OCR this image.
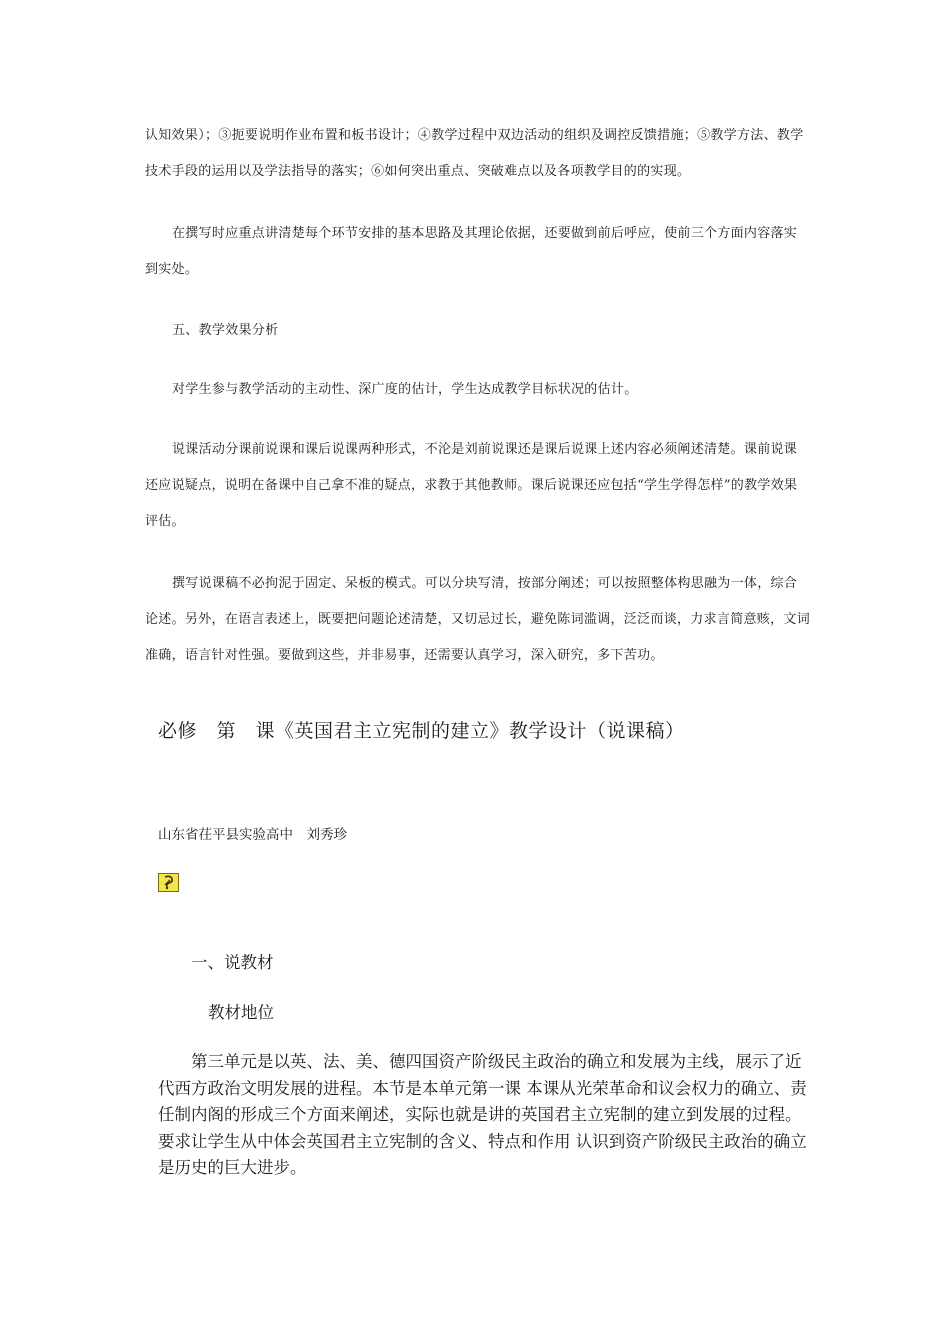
认知效果）；③扼要说明作业布置和板书设计；④教学过程中双边活动的组织及调控反馈措施；⑤教学方法、教学技术手段的运用以及学法指导的落实；⑥如何突出重点、突破难点以及各项教学目的的实现。

在撰写时应重点讲清楚每个环节安排的基本思路及其理论依据，还要做到前后呼应，使前三个方面内容落实到实处。

五、教学效果分析

对学生参与教学活动的主动性、深广度的估计，学生达成教学目标状况的估计。

说课活动分课前说课和课后说课两种形式，不沦是刘前说课还是课后说课上述内容必须阐述清楚。课前说课还应说疑点，说明在备课中自己拿不准的疑点，求教于其他教师。课后说课还应包括“学生学得怎样”的教学效果评估。

撰写说课稿不必拘泥于固定、呆板的模式。可以分块写清，按部分阐述；可以按照整体构思融为一体，综合论述。另外，在语言表述上，既要把问题论述清楚，又切忌过长，避免陈词滥调，泛泛而谈，力求言简意赅，文词准确，语言针对性强。要做到这些，并非易事，还需要认真学习，深入研究，多下苦功。

必修　第　课《英国君主立宪制的建立》教学设计（说课稿）

山东省茌平县实验高中　刘秀珍

一、说教材

教材地位

第三单元是以英、法、美、德四国资产阶级民主政治的确立和发展为主线，展示了近代西方政治文明发展的进程。本节是本单元第一课 本课从光荣革命和议会权力的确立、责任制内阁的形成三个方面来阐述，实际也就是讲的英国君主立宪制的建立到发展的过程。要求让学生从中体会英国君主立宪制的含义、特点和作用 认识到资产阶级民主政治的确立是历史的巨大进步。
